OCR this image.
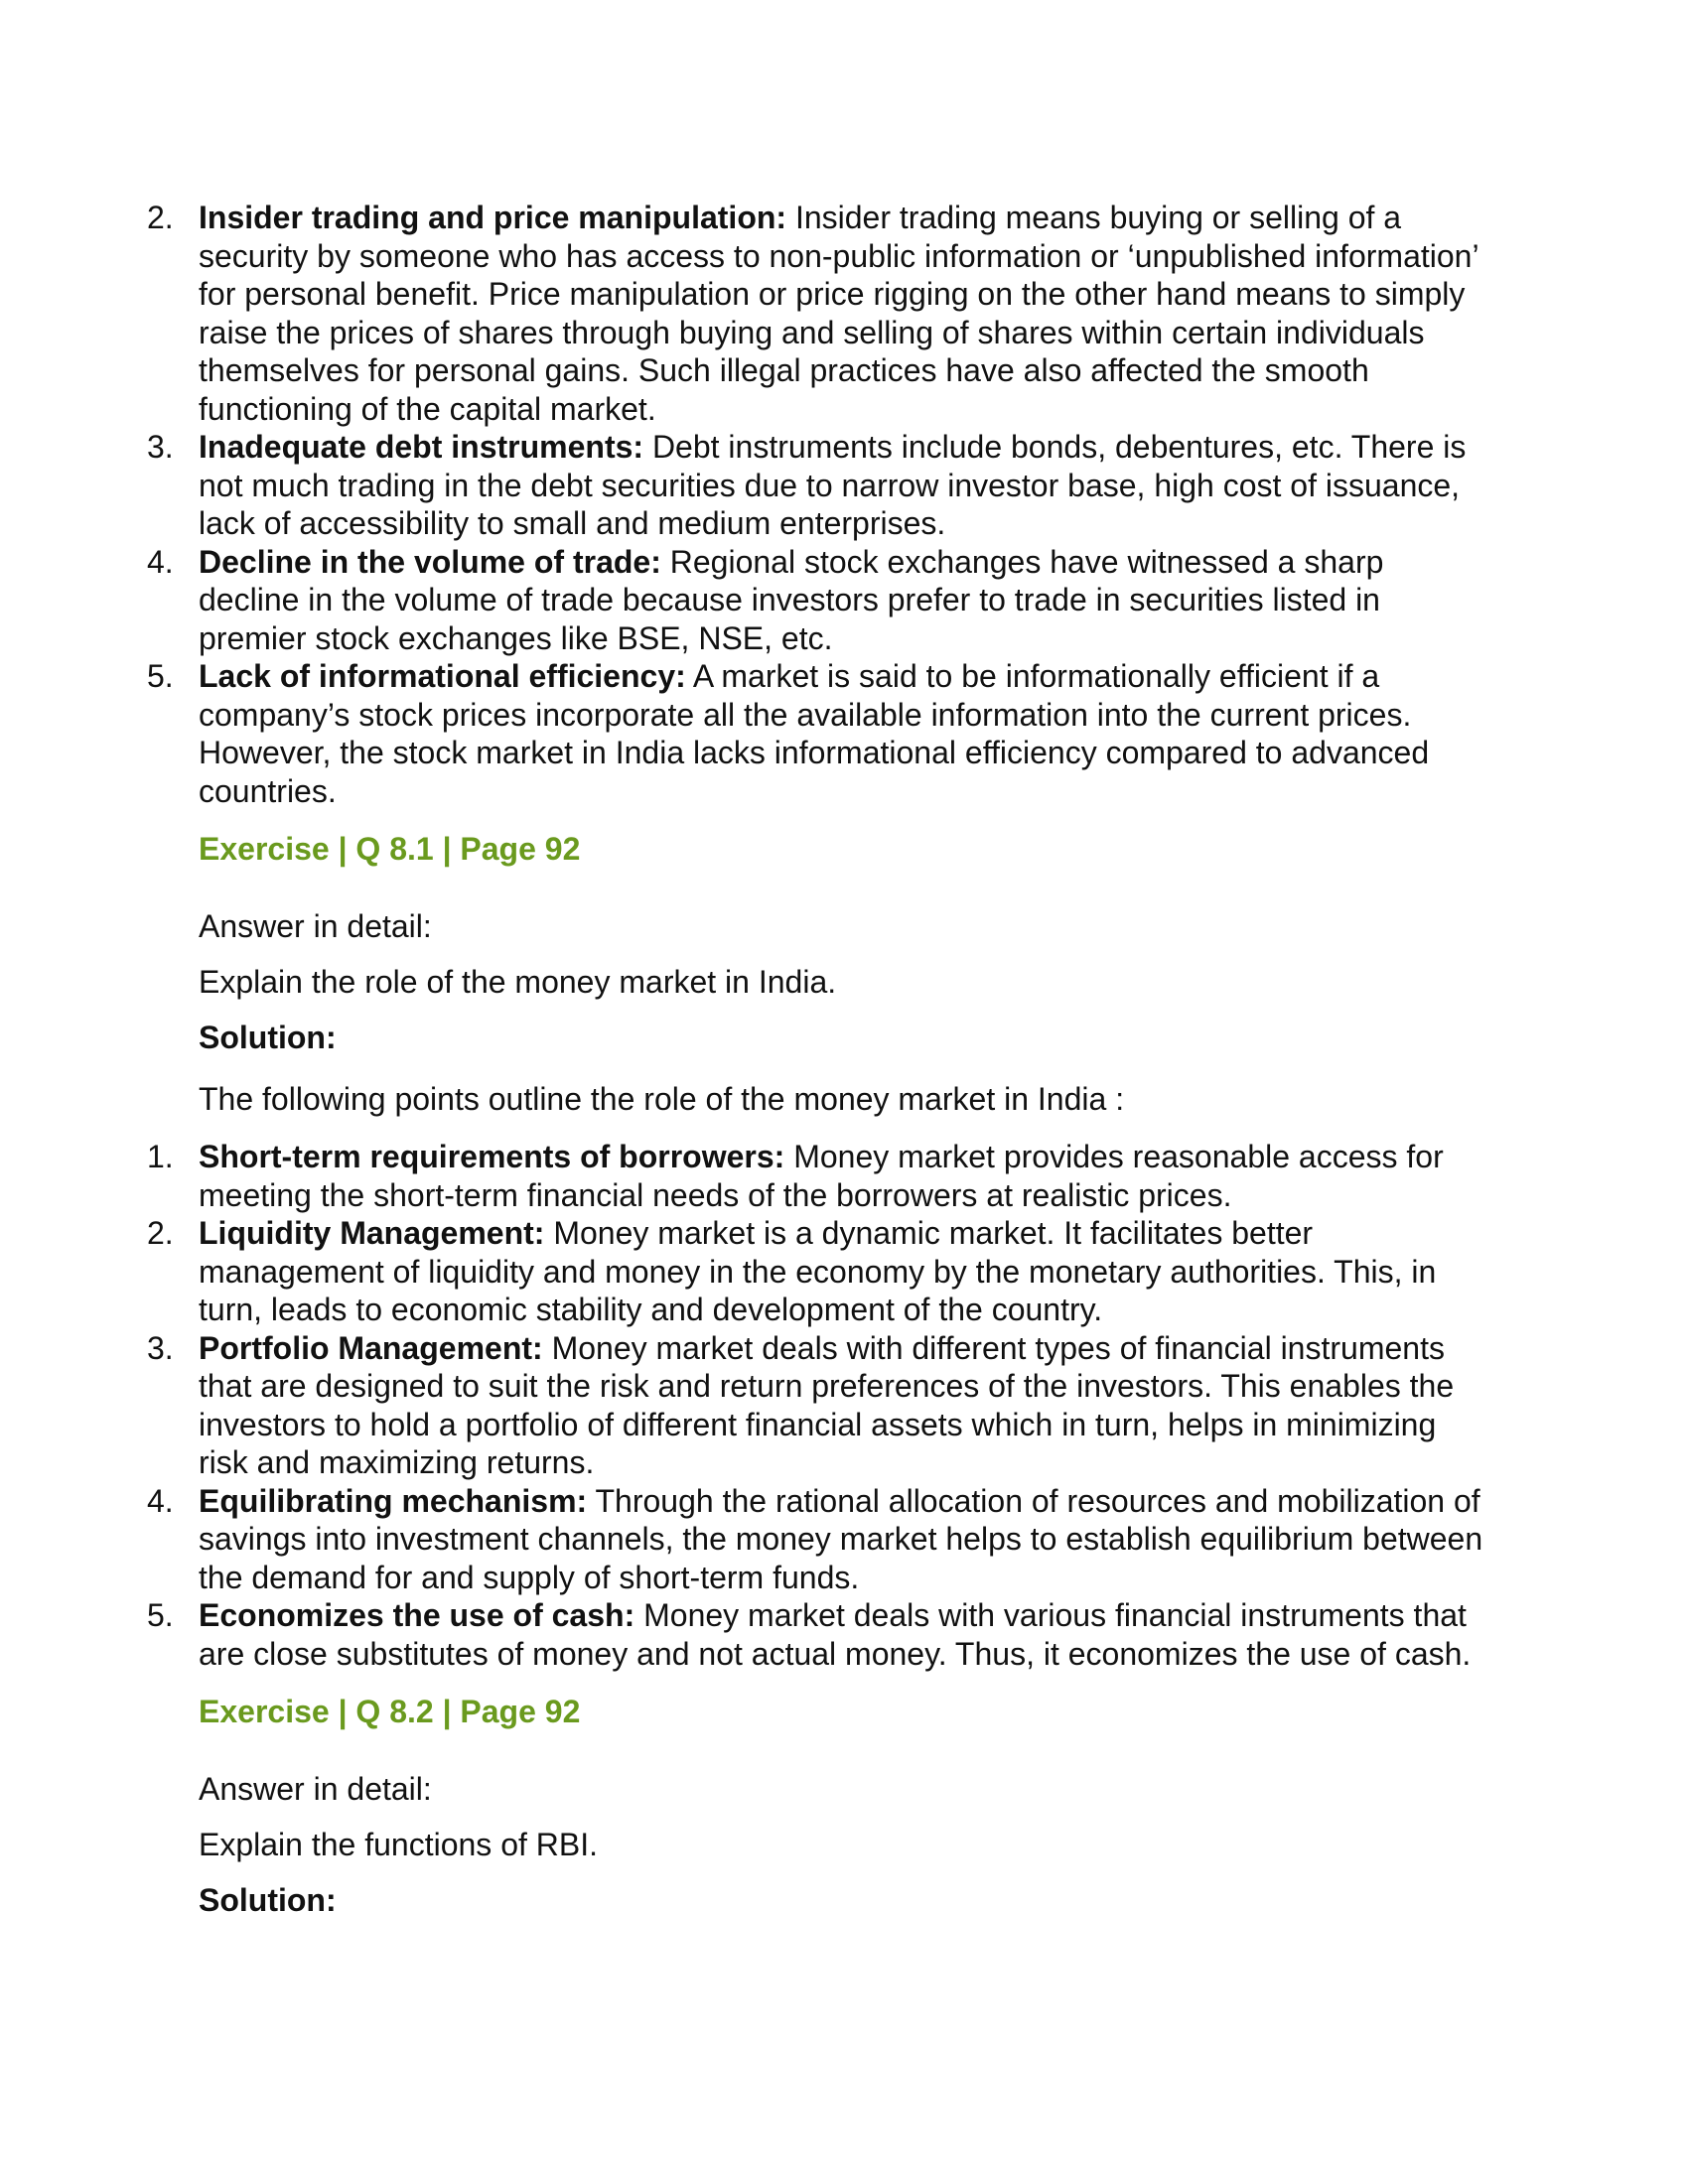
2. Insider trading and price manipulation: Insider trading means buying or selling of a security by someone who has access to non-public information or ‘unpublished information’ for personal benefit. Price manipulation or price rigging on the other hand means to simply raise the prices of shares through buying and selling of shares within certain individuals themselves for personal gains. Such illegal practices have also affected the smooth functioning of the capital market.
3. Inadequate debt instruments: Debt instruments include bonds, debentures, etc. There is not much trading in the debt securities due to narrow investor base, high cost of issuance, lack of accessibility to small and medium enterprises.
4. Decline in the volume of trade: Regional stock exchanges have witnessed a sharp decline in the volume of trade because investors prefer to trade in securities listed in premier stock exchanges like BSE, NSE, etc.
5. Lack of informational efficiency: A market is said to be informationally efficient if a company’s stock prices incorporate all the available information into the current prices. However, the stock market in India lacks informational efficiency compared to advanced countries.

Exercise | Q 8.1 | Page 92

Answer in detail:

Explain the role of the money market in India.

Solution:

The following points outline the role of the money market in India :

1. Short-term requirements of borrowers: Money market provides reasonable access for meeting the short-term financial needs of the borrowers at realistic prices.
2. Liquidity Management: Money market is a dynamic market. It facilitates better management of liquidity and money in the economy by the monetary authorities. This, in turn, leads to economic stability and development of the country.
3. Portfolio Management: Money market deals with different types of financial instruments that are designed to suit the risk and return preferences of the investors. This enables the investors to hold a portfolio of different financial assets which in turn, helps in minimizing risk and maximizing returns.
4. Equilibrating mechanism: Through the rational allocation of resources and mobilization of savings into investment channels, the money market helps to establish equilibrium between the demand for and supply of short-term funds.
5. Economizes the use of cash: Money market deals with various financial instruments that are close substitutes of money and not actual money. Thus, it economizes the use of cash.

Exercise | Q 8.2 | Page 92

Answer in detail:

Explain the functions of RBI.

Solution:
